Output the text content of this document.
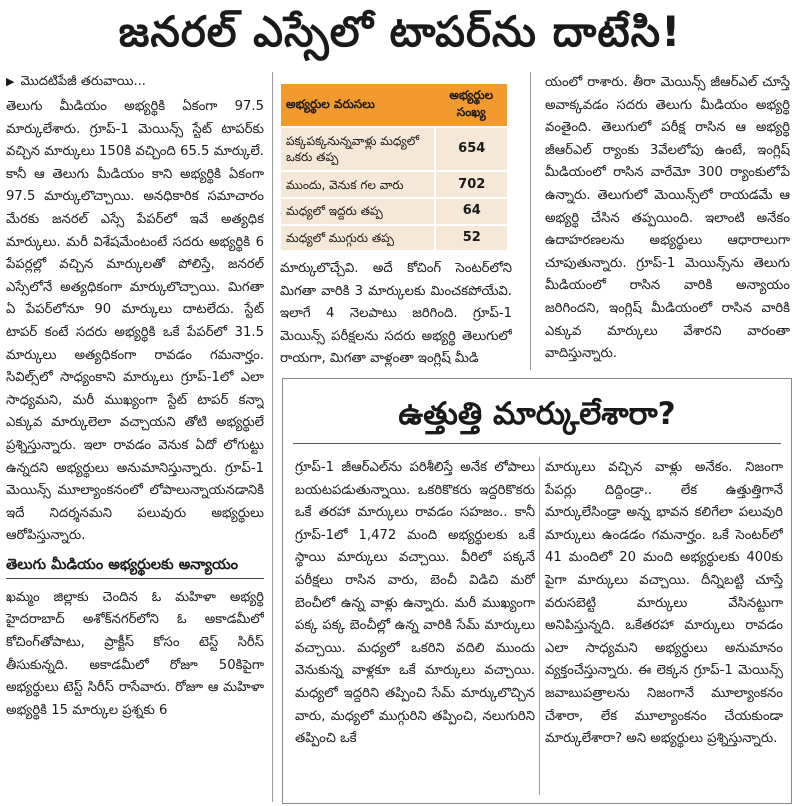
జనరల్ ఎస్సేలో టాపర్‌ను దాటేసి!
▶ మొదటిపేజీ తరువాయి...

తెలుగు మీడియం అభ్యర్థికి ఏకంగా 97.5 మార్కులేశారు. గ్రూప్-1 మెయిన్స్ స్టేట్ టాపర్‌కు వచ్చిన మార్కులు 150కి వచ్చింది 65.5 మార్కులే. కానీ ఆ తెలుగు మీడియం కాని అభ్యర్థికి ఏకంగా 97.5 మార్కులొచ్చాయి. అనధికారిక సమాచారం మేరకు జనరల్ ఎస్సే పేపర్‌లో ఇవే అత్యధిక మార్కులు. మరీ విశేషమేంటంటే సదరు అభ్యర్థికి 6 పేపర్లల్లో వచ్చిన మార్కులతో పోలిస్తే, జనరల్ ఎస్సేలోనే అత్యధికంగా మార్కులొచ్చాయి. మిగతా ఏ పేపర్‌లోనూ 90 మార్కులు దాటలేదు. స్టేట్ టాపర్ కంటే సదరు అభ్యర్థికి ఒకే పేపర్‌లో 31.5 మార్కులు అత్యధికంగా రావడం గమనార్హం. సివిల్స్‌లో సాధ్యంకాని మార్కులు గ్రూప్-1లో ఎలా సాధ్యమని, మరీ ముఖ్యంగా స్టేట్ టాపర్ కన్నా ఎక్కువ మార్కులెలా వచ్చాయని తోటి అభ్యర్థులే ప్రశ్నిస్తున్నారు. ఇలా రావడం వెనుక ఏదో లోగుట్టు ఉన్నదని అభ్యర్థులు అనుమానిస్తున్నారు. గ్రూప్-1 మెయిన్స్ మూల్యాంకనంలో లోపాలున్నాయనడానికి ఇదే నిదర్శనమని పలువురు అభ్యర్థులు ఆరోపిస్తున్నారు.

తెలుగు మీడియం అభ్యర్థులకు అన్యాయం

ఖమ్మం జిల్లాకు చెందిన ఓ మహిళా అభ్యర్థి హైదరాబాద్ అశోక్‌నగర్‌లోని ఓ అకాడమీలో కోచింగ్‌తోపాటు, ప్రాక్టీస్ కోసం టెస్ట్ సిరీస్ తీసుకున్నది. అకాడమీలో రోజూ 50కిపైగా అభ్యర్థులు టెస్ట్ సిరీస్ రాసేవారు. రోజూ ఆ మహిళా అభ్యర్థికి 15 మార్కుల ప్రశ్నకు 6

అభ్యర్థుల వరుసలు	అభ్యర్థుల సంఖ్య
పక్కపక్కనున్నవాళ్లు మధ్యలో ఒకరు తప్ప	654
ముందు, వెనుక గల వారు	702
మధ్యలో ఇద్దరు తప్ప	64
మధ్యలో ముగ్గురు తప్ప	52

మార్కులొచ్చేవి. అదే కోచింగ్ సెంటర్‌లోని మిగతా వారికి 3 మార్కులకు మించకపోయేవి. ఇలాగే 4 నెలపాటు జరిగింది. గ్రూప్-1 మెయిన్స్ పరీక్షలను సదరు అభ్యర్థి తెలుగులో రాయగా, మిగతా వాళ్లంతా ఇంగ్లిష్ మీడి

యంలో రాశారు. తీరా మెయిన్స్ జీఆర్‌ఎల్ చూస్తే అవాక్కవడం సదరు తెలుగు మీడియం అభ్యర్థి వంతైంది. తెలుగులో పరీక్ష రాసిన ఆ అభ్యర్థి జీఆర్‌ఎల్ ర్యాంకు 3వేలలోపు ఉంటే, ఇంగ్లిష్ మీడియంలో రాసిన వారేమో 300 ర్యాంకులోపే ఉన్నారు. తెలుగులో మెయిన్స్‌లో రాయడమే ఆ అభ్యర్థి చేసిన తప్పయింది. ఇలాంటి అనేకం ఉదాహరణలను అభ్యర్థులు ఆధారాలుగా చూపుతున్నారు. గ్రూప్-1 మెయిన్స్‌ను తెలుగు మీడియంలో రాసిన వారికి అన్యాయం జరిగిందని, ఇంగ్లిష్ మీడియంలో రాసిన వారికి ఎక్కువ మార్కులు వేశారని వారంతా వాదిస్తున్నారు.

ఉత్తుత్తి మార్కులేశారా?

గ్రూప్-1 జీఆర్‌ఎల్‌ను పరిశీలిస్తే అనేక లోపాలు బయటపడుతున్నాయి. ఒకరికొకరు ఇద్దరికొకరు ఒకే తరహా మార్కులు రావడం సహజం.. కానీ గ్రూప్-1లో 1,472 మంది అభ్యర్థులకు ఒకే స్థాయి మార్కులు వచ్చాయి. వీరిలో పక్కనే పరీక్షలు రాసిన వారు, బెంచీ విడిచి మరో బెంచీలో ఉన్న వాళ్లు ఉన్నారు. మరీ ముఖ్యంగా పక్క పక్క బెంచీల్లో ఉన్న వారికి సేమ్ మార్కులు వచ్చాయి. మధ్యలో ఒకరిని వదిలి ముందు వెనుకున్న వాళ్లకూ ఒకే మార్కులు వచ్చాయి. మధ్యలో ఇద్దరిని తప్పించి సేమ్ మార్కులొచ్చిన వారు, మధ్యలో ముగ్గురిని తప్పించి, నలుగురిని తప్పించి ఒకే

మార్కులు వచ్చిన వాళ్లు అనేకం. నిజంగా పేపర్లు దిద్దిండ్రా.. లేక ఉత్తుత్తిగానే మార్కులేసిండ్రా అన్న భావన కలిగేలా పలువురి మార్కులు ఉండడం గమనార్హం. ఒకే సెంటర్‌లో 41 మందిలో 20 మంది అభ్యర్థులకు 400కు పైగా మార్కులు వచ్చాయి. దీన్నిబట్టి చూస్తే వరుసబెట్టి మార్కులు వేసినట్టుగా అనిపిస్తున్నది. ఒకేతరహా మార్కులు రావడం ఎలా సాధ్యమని అభ్యర్థులు అనుమానం వ్యక్తంచేస్తున్నారు. ఈ లెక్కన గ్రూప్-1 మెయిన్స్ జవాబుపత్రాలను నిజంగానే మూల్యాంకనం చేశారా, లేక మూల్యాంకనం చేయకుండా మార్కులేశారా? అని అభ్యర్థులు ప్రశ్నిస్తున్నారు.
